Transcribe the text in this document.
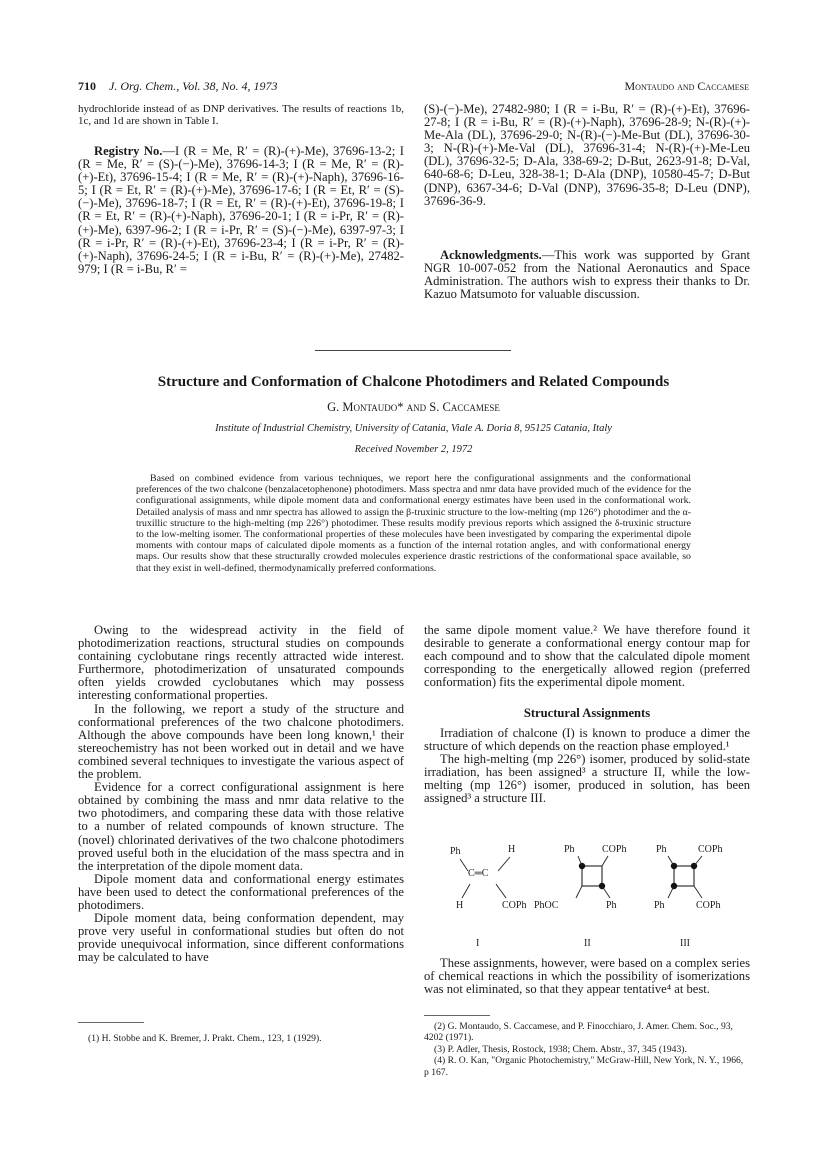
710 J. Org. Chem., Vol. 38, No. 4, 1973	Montaudo and Caccamese
hydrochloride instead of as DNP derivatives. The results of reactions 1b, 1c, and 1d are shown in Table I.

Registry No.—I (R = Me, R′ = (R)-(+)-Me), 37696-13-2; I (R = Me, R′ = (S)-(−)-Me), 37696-14-3; I (R = Me, R′ = (R)-(+)-Et), 37696-15-4; I (R = Me, R′ = (R)-(+)-Naph), 37696-16-5; I (R = Et, R′ = (R)-(+)-Me), 37696-17-6; I (R = Et, R′ = (S)-(−)-Me), 37696-18-7; I (R = Et, R′ = (R)-(+)-Et), 37696-19-8; I (R = Et, R′ = (R)-(+)-Naph), 37696-20-1; I (R = i-Pr, R′ = (R)-(+)-Me), 6397-96-2; I (R = i-Pr, R′ = (S)-(−)-Me), 6397-97-3; I (R = i-Pr, R′ = (R)-(+)-Et), 37696-23-4; I (R = i-Pr, R′ = (R)-(+)-Naph), 37696-24-5; I (R = i-Bu, R′ = (R)-(+)-Me), 27482-979; I (R = i-Bu, R′ =

(S)-(−)-Me), 27482-980; I (R = i-Bu, R′ = (R)-(+)-Et), 37696-27-8; I (R = i-Bu, R′ = (R)-(+)-Naph), 37696-28-9; N-(R)-(+)-Me-Ala (DL), 37696-29-0; N-(R)-(−)-Me-But (DL), 37696-30-3; N-(R)-(+)-Me-Val (DL), 37696-31-4; N-(R)-(+)-Me-Leu (DL), 37696-32-5; D-Ala, 338-69-2; D-But, 2623-91-8; D-Val, 640-68-6; D-Leu, 328-38-1; D-Ala (DNP), 10580-45-7; D-But (DNP), 6367-34-6; D-Val (DNP), 37696-35-8; D-Leu (DNP), 37696-36-9.

Acknowledgments.—This work was supported by Grant NGR 10-007-052 from the National Aeronautics and Space Administration. The authors wish to express their thanks to Dr. Kazuo Matsumoto for valuable discussion.

Structure and Conformation of Chalcone Photodimers and Related Compounds
G. Montaudo* and S. Caccamese
Institute of Industrial Chemistry, University of Catania, Viale A. Doria 8, 95125 Catania, Italy
Received November 2, 1972
Based on combined evidence from various techniques, we report here the configurational assignments and the conformational preferences of the two chalcone (benzalacetophenone) photodimers. Mass spectra and nmr data have provided much of the evidence for the configurational assignments, while dipole moment data and conformational energy estimates have been used in the conformational work. Detailed analysis of mass and nmr spectra has allowed to assign the β-truxinic structure to the low-melting (mp 126°) photodimer and the α-truxillic structure to the high-melting (mp 226°) photodimer. These results modify previous reports which assigned the δ-truxinic structure to the low-melting isomer. The conformational properties of these molecules have been investigated by comparing the experimental dipole moments with contour maps of calculated dipole moments as a function of the internal rotation angles, and with conformational energy maps. Our results show that these structurally crowded molecules experience drastic restrictions of the conformational space available, so that they exist in well-defined, thermodynamically preferred conformations.

Owing to the widespread activity in the field of photodimerization reactions, structural studies on compounds containing cyclobutane rings recently attracted wide interest. Furthermore, photodimerization of unsaturated compounds often yields crowded cyclobutanes which may possess interesting conformational properties.

In the following, we report a study of the structure and conformational preferences of the two chalcone photodimers. Although the above compounds have been long known,¹ their stereochemistry has not been worked out in detail and we have combined several techniques to investigate the various aspect of the problem.

Evidence for a correct configurational assignment is here obtained by combining the mass and nmr data relative to the two photodimers, and comparing these data with those relative to a number of related compounds of known structure. The (novel) chlorinated derivatives of the two chalcone photodimers proved useful both in the elucidation of the mass spectra and in the interpretation of the dipole moment data.

Dipole moment data and conformational energy estimates have been used to detect the conformational preferences of the photodimers.

Dipole moment data, being conformation dependent, may prove very useful in conformational studies but often do not provide unequivocal information, since different conformations may be calculated to have

(1) H. Stobbe and K. Bremer, J. Prakt. Chem., 123, 1 (1929).

the same dipole moment value.² We have therefore found it desirable to generate a conformational energy contour map for each compound and to show that the calculated dipole moment corresponding to the energetically allowed region (preferred conformation) fits the experimental dipole moment.

Structural Assignments

Irradiation of chalcone (I) is known to produce a dimer the structure of which depends on the reaction phase employed.¹

The high-melting (mp 226°) isomer, produced by solid-state irradiation, has been assigned³ a structure II, while the low-melting (mp 126°) isomer, produced in solution, has been assigned³ a structure III.

Ph	H
C═C
H	COPh
I
Ph	COPh
PhOC	Ph
II
Ph	COPh
Ph	COPh
III

These assignments, however, were based on a complex series of chemical reactions in which the possibility of isomerizations was not eliminated, so that they appear tentative⁴ at best.

(2) G. Montaudo, S. Caccamese, and P. Finocchiaro, J. Amer. Chem. Soc., 93, 4202 (1971).
(3) P. Adler, Thesis, Rostock, 1938; Chem. Abstr., 37, 345 (1943).
(4) R. O. Kan, "Organic Photochemistry," McGraw-Hill, New York, N. Y., 1966, p 167.
